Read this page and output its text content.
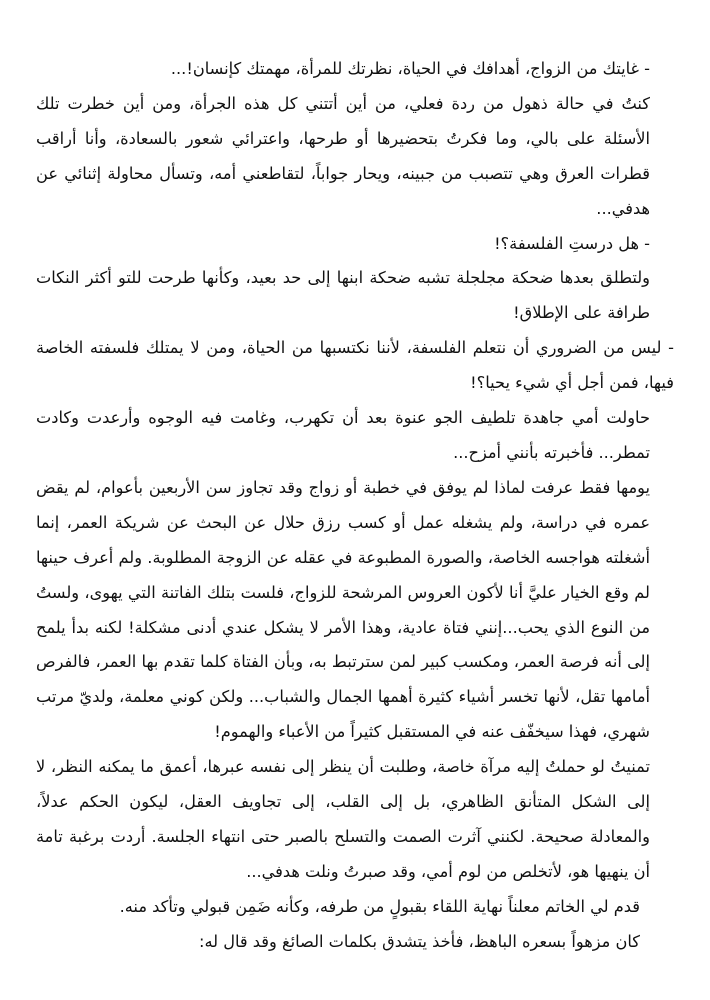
- غايتك من الزواج، أهدافك في الحياة، نظرتك للمرأة، مهمتك كإنسان!...

كنتُ في حالة ذهول من ردة فعلي، من أين أتتني كل هذه الجرأة، ومن أين خطرت تلك الأسئلة على بالي، وما فكرتُ بتحضيرها أو طرحها، واعترائي شعور بالسعادة، وأنا أراقب قطرات العرق وهي تتصبب من جبينه، ويحار جواباً، لتقاطعني أمه، وتسأل محاولة إثنائي عن هدفي...

- هل درستِ الفلسفة؟!

ولتطلق بعدها ضحكة مجلجلة تشبه ضحكة ابنها إلى حد بعيد، وكأنها طرحت للتو أكثر النكات طرافة على الإطلاق!

- ليس من الضروري أن نتعلم الفلسفة، لأننا نكتسبها من الحياة، ومن لا يمتلك فلسفته الخاصة فيها، فمن أجل أي شيء يحيا؟!

حاولت أمي جاهدة تلطيف الجو عنوة بعد أن تكهرب، وغامت فيه الوجوه وأرعدت وكادت تمطر... فأخبرته بأنني أمزح...

يومها فقط عرفت لماذا لم يوفق في خطبة أو زواج وقد تجاوز سن الأربعين بأعوام، لم يقض عمره في دراسة، ولم يشغله عمل أو كسب رزق حلال عن البحث عن شريكة العمر، إنما أشغلته هواجسه الخاصة، والصورة المطبوعة في عقله عن الزوجة المطلوبة. ولم أعرف حينها لم وقع الخيار عليَّ أنا لأكون العروس المرشحة للزواج، فلست بتلك الفاتنة التي يهوى، ولستُ من النوع الذي يحب...إنني فتاة عادية، وهذا الأمر لا يشكل عندي أدنى مشكلة! لكنه بدأ يلمح إلى أنه فرصة العمر، ومكسب كبير لمن سترتبط به، وبأن الفتاة كلما تقدم بها العمر، فالفرص أمامها تقل، لأنها تخسر أشياء كثيرة أهمها الجمال والشباب... ولكن كوني معلمة، ولديّ مرتب شهري، فهذا سيخفّف عنه في المستقبل كثيراً من الأعباء والهموم!

تمنيتُ لو حملتُ إليه مرآة خاصة، وطلبت أن ينظر إلى نفسه عبرها، أعمق ما يمكنه النظر، لا إلى الشكل المتأنق الظاهري، بل إلى القلب، إلى تجاويف العقل، ليكون الحكم عدلاً، والمعادلة صحيحة. لكنني آثرت الصمت والتسلح بالصبر حتى انتهاء الجلسة. أردت برغبة تامة أن ينهيها هو، لأتخلص من لوم أمي، وقد صبرتُ ونلت هدفي...

قدم لي الخاتم معلناً نهاية اللقاء بقبولٍ من طرفه، وكأنه ضَمِن قبولي وتأكد منه.

كان مزهواً بسعره الباهظ، فأخذ يتشدق بكلمات الصائغ وقد قال له:
